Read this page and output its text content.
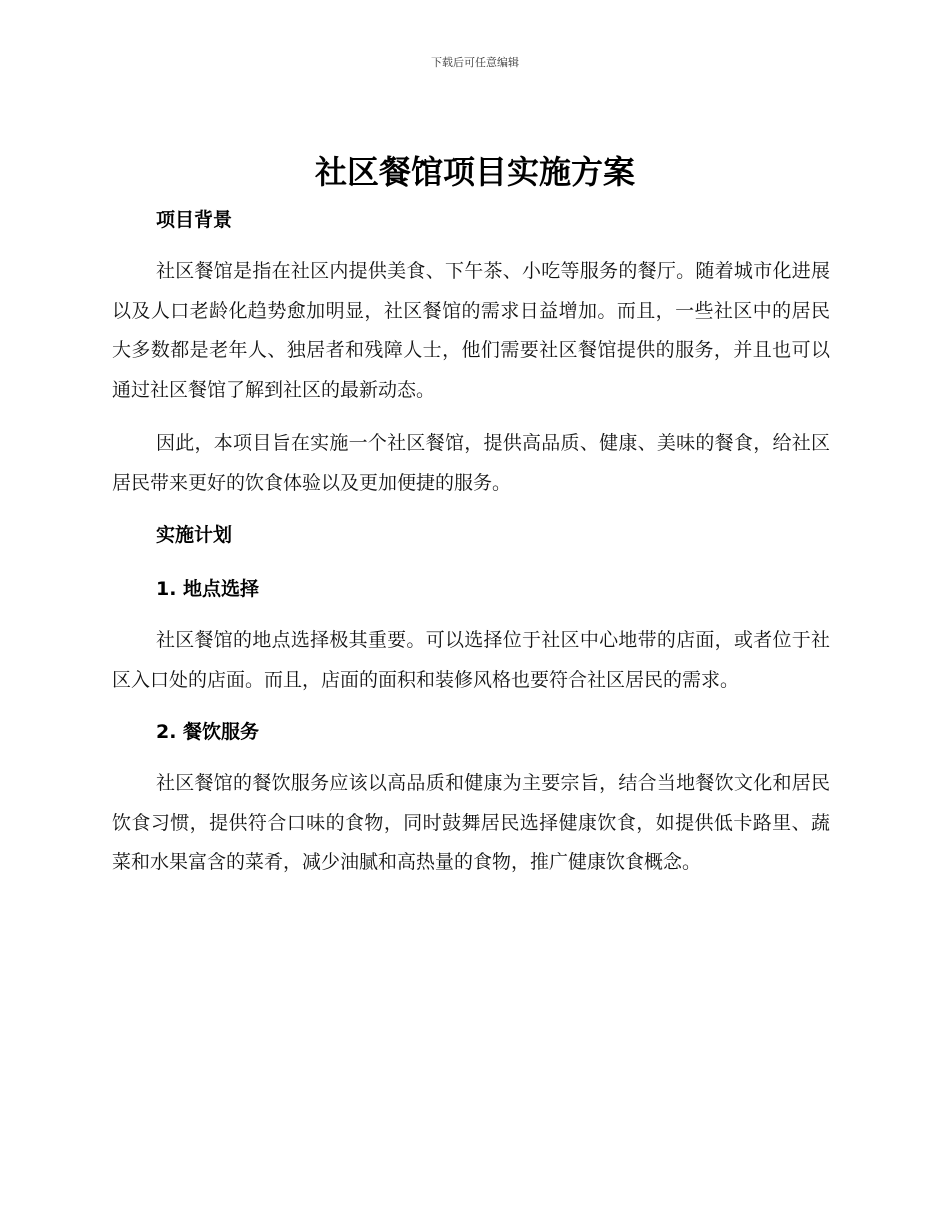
下载后可任意编辑
社区餐馆项目实施方案
项目背景

社区餐馆是指在社区内提供美食、下午茶、小吃等服务的餐厅。随着城市化进展以及人口老龄化趋势愈加明显，社区餐馆的需求日益增加。而且，一些社区中的居民大多数都是老年人、独居者和残障人士，他们需要社区餐馆提供的服务，并且也可以通过社区餐馆了解到社区的最新动态。

因此，本项目旨在实施一个社区餐馆，提供高品质、健康、美味的餐食，给社区居民带来更好的饮食体验以及更加便捷的服务。

实施计划
1. 地点选择

社区餐馆的地点选择极其重要。可以选择位于社区中心地带的店面，或者位于社区入口处的店面。而且，店面的面积和装修风格也要符合社区居民的需求。

2. 餐饮服务

社区餐馆的餐饮服务应该以高品质和健康为主要宗旨，结合当地餐饮文化和居民饮食习惯，提供符合口味的食物，同时鼓舞居民选择健康饮食，如提供低卡路里、蔬菜和水果富含的菜肴，减少油腻和高热量的食物，推广健康饮食概念。
